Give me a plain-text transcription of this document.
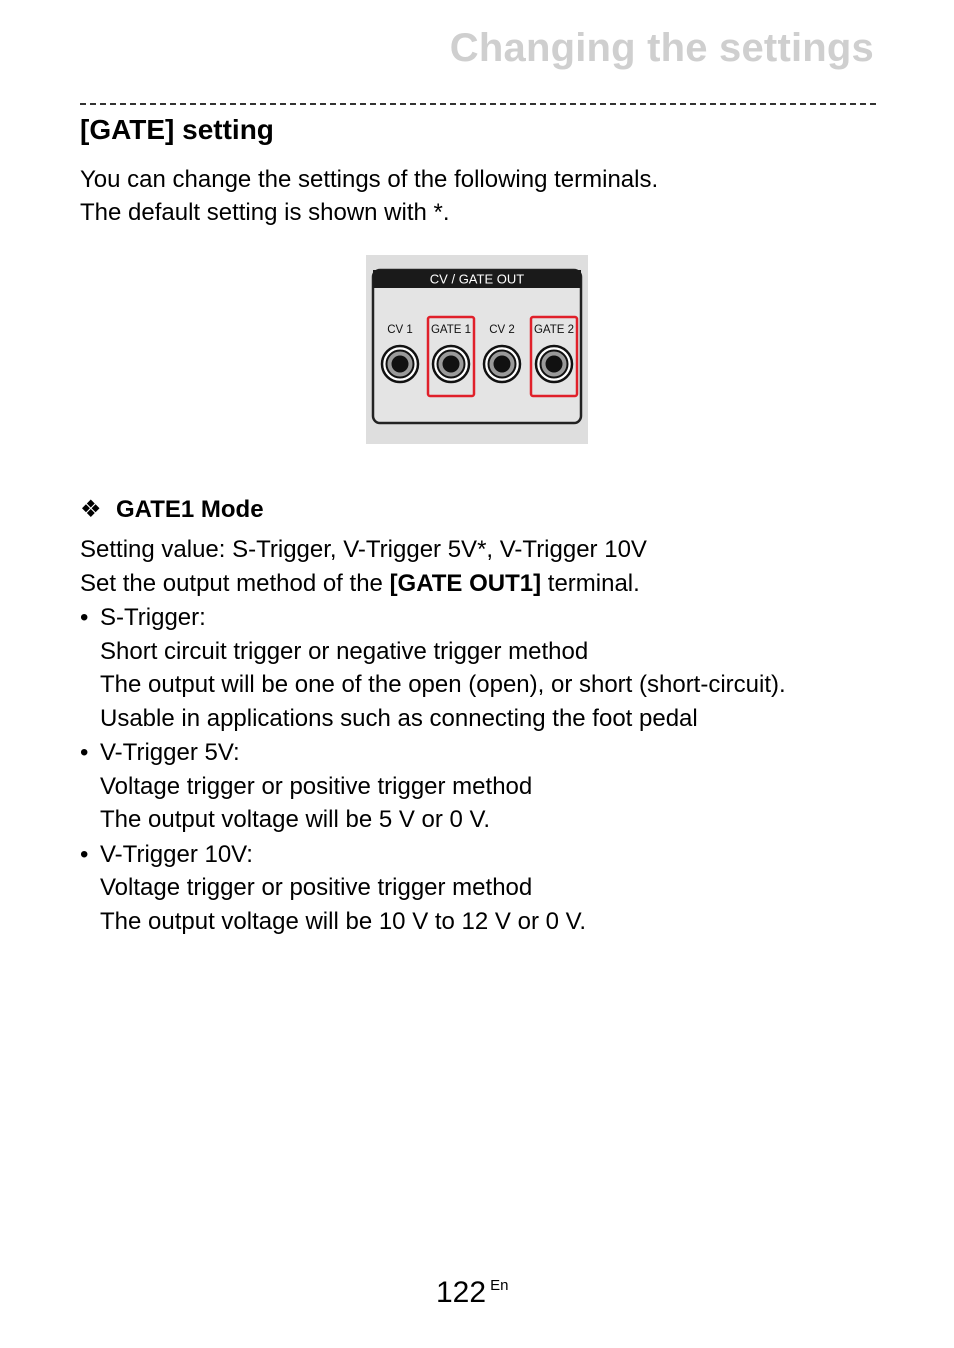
Changing the settings
[GATE] setting

You can change the settings of the following terminals.

The default setting is shown with *.

CV / GATE OUT
CV 1 GATE 1 CV 2 GATE 2
❖ GATE1 Mode

Setting value: S-Trigger, V-Trigger 5V*, V-Trigger 10V

Set the output method of the [GATE OUT1] terminal.

• S-Trigger:
Short circuit trigger or negative trigger method
The output will be one of the open (open), or short (short-circuit).
Usable in applications such as connecting the foot pedal
• V-Trigger 5V:
Voltage trigger or positive trigger method
The output voltage will be 5 V or 0 V.
• V-Trigger 10V:
Voltage trigger or positive trigger method
The output voltage will be 10 V to 12 V or 0 V.
122 En
